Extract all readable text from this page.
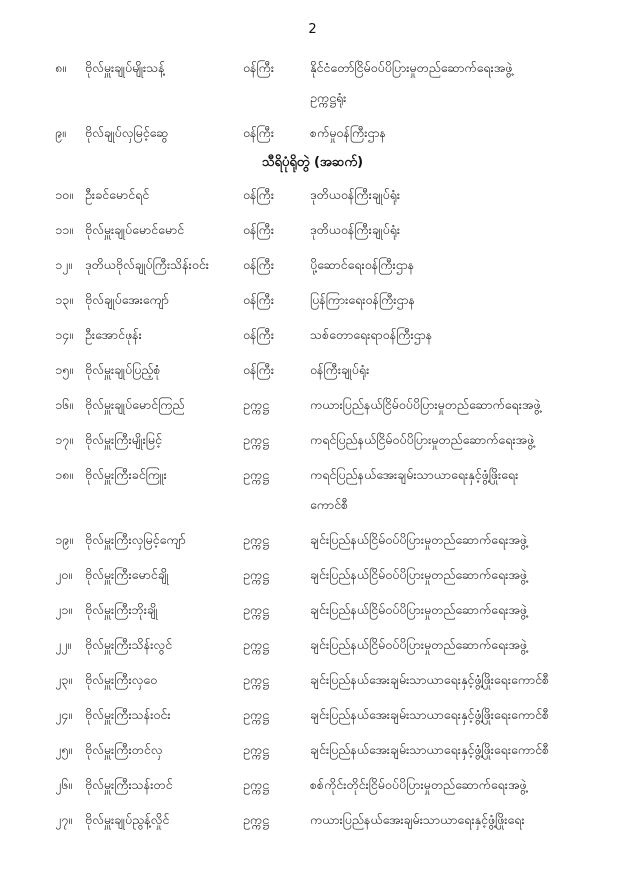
2
သီရိပုံရိုတွဲ (အဆက်)
၈။ ဗိုလ်မှူးချုပ်မျိုးသန့်	ဝန်ကြီး	နိုင်ငံတော်ငြိမ်ဝပ်ပိပြားမှုတည်ဆောက်ရေးအဖွဲ့
ဥက္ကဋ္ဌရုံး
၉။ ဗိုလ်ချုပ်လှမြင့်ဆွေ	ဝန်ကြီး	စက်မှုဝန်ကြီးဌာန
၁၀။ ဦးခင်မောင်ရင်	ဝန်ကြီး	ဒုတိယဝန်ကြီးချုပ်ရုံး
၁၁။ ဗိုလ်မှူးချုပ်မောင်မောင်	ဝန်ကြီး	ဒုတိယဝန်ကြီးချုပ်ရုံး
၁၂။ ဒုတိယဗိုလ်ချုပ်ကြီးသိန်းဝင်း	ဝန်ကြီး	ပို့ဆောင်ရေးဝန်ကြီးဌာန
၁၃။ ဗိုလ်ချုပ်အေးကျော်	ဝန်ကြီး	ပြန်ကြားရေးဝန်ကြီးဌာန
၁၄။ ဦးအောင်ဖုန်း	ဝန်ကြီး	သစ်တောရေးရာဝန်ကြီးဌာန
၁၅။ ဗိုလ်မှူးချုပ်ပြည့်စုံ	ဝန်ကြီး	ဝန်ကြီးချုပ်ရုံး
၁၆။ ဗိုလ်မှူးချုပ်မောင်ကြည်	ဥက္ကဋ္ဌ	ကယားပြည်နယ်ငြိမ်ဝပ်ပိပြားမှုတည်ဆောက်ရေးအဖွဲ့
၁၇။ ဗိုလ်မှူးကြီးမျိုးမြင့်	ဥက္ကဋ္ဌ	ကရင်ပြည်နယ်ငြိမ်ဝပ်ပိပြားမှုတည်ဆောက်ရေးအဖွဲ့
၁၈။ ဗိုလ်မှူးကြီးခင်ကြူး	ဥက္ကဋ္ဌ	ကရင်ပြည်နယ်အေးချမ်းသာယာရေးနှင့်ဖွံ့ဖြိုးရေး
ကောင်စီ
၁၉။ ဗိုလ်မှူးကြီးလှမြင့်ကျော်	ဥက္ကဋ္ဌ	ချင်းပြည်နယ်ငြိမ်ဝပ်ပိပြားမှုတည်ဆောက်ရေးအဖွဲ့
၂၀။ ဗိုလ်မှူးကြီးမောင်ချို	ဥက္ကဋ္ဌ	ချင်းပြည်နယ်ငြိမ်ဝပ်ပိပြားမှုတည်ဆောက်ရေးအဖွဲ့
၂၁။ ဗိုလ်မှူးကြီးဘိုးချို	ဥက္ကဋ္ဌ	ချင်းပြည်နယ်ငြိမ်ဝပ်ပိပြားမှုတည်ဆောက်ရေးအဖွဲ့
၂၂။ ဗိုလ်မှူးကြီးသိန်းလွင်	ဥက္ကဋ္ဌ	ချင်းပြည်နယ်ငြိမ်ဝပ်ပိပြားမှုတည်ဆောက်ရေးအဖွဲ့
၂၃။ ဗိုလ်မှူးကြီးလှဝေ	ဥက္ကဋ္ဌ	ချင်းပြည်နယ်အေးချမ်းသာယာရေးနှင့်ဖွံ့ဖြိုးရေးကောင်စီ
၂၄။ ဗိုလ်မှူးကြီးသန်းဝင်း	ဥက္ကဋ္ဌ	ချင်းပြည်နယ်အေးချမ်းသာယာရေးနှင့်ဖွံ့ဖြိုးရေးကောင်စီ
၂၅။ ဗိုလ်မှူးကြီးတင်လှ	ဥက္ကဋ္ဌ	ချင်းပြည်နယ်အေးချမ်းသာယာရေးနှင့်ဖွံ့ဖြိုးရေးကောင်စီ
၂၆။ ဗိုလ်မှူးကြီးသန်းတင်	ဥက္ကဋ္ဌ	စစ်ကိုင်းတိုင်းငြိမ်ဝပ်ပိပြားမှုတည်ဆောက်ရေးအဖွဲ့
၂၇။ ဗိုလ်မှူးချုပ်ညွန့်လှိုင်	ဥက္ကဋ္ဌ	ကယားပြည်နယ်အေးချမ်းသာယာရေးနှင့်ဖွံ့ဖြိုးရေး
